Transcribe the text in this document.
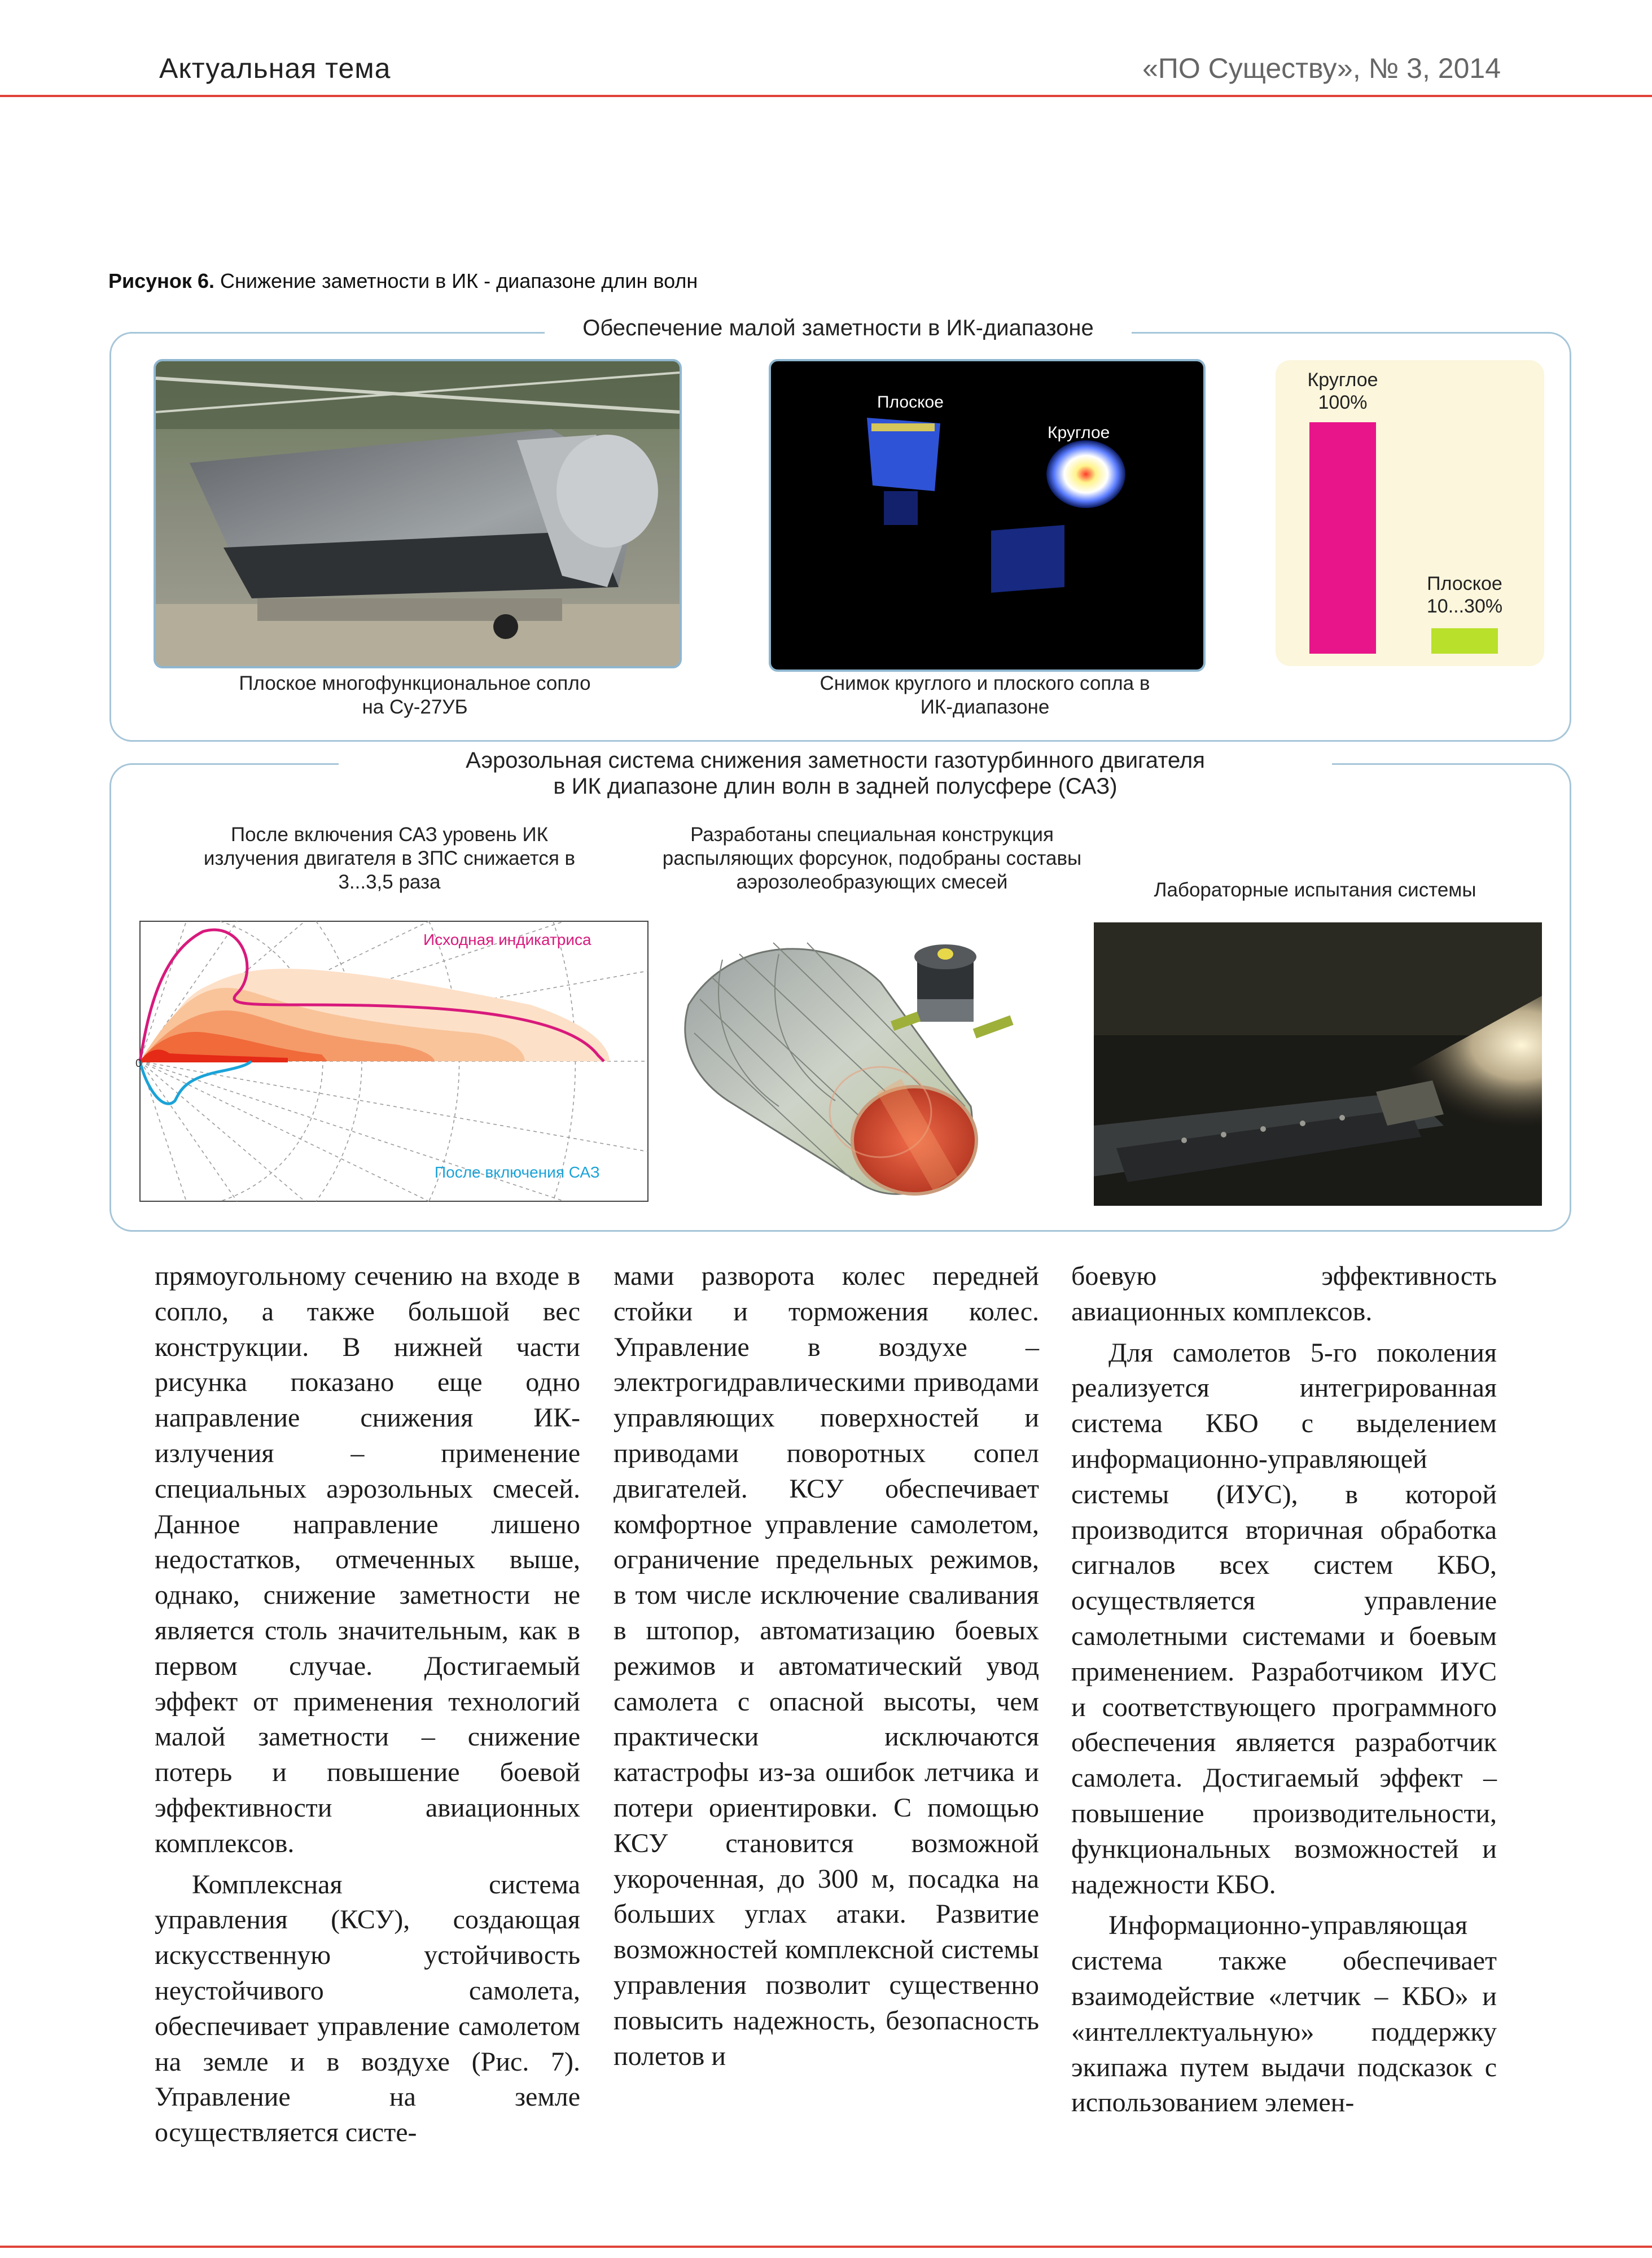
Актуальная тема	«ПО Существу», № 3, 2014
Рисунок 6. Снижение заметности в ИК - диапазоне длин волн
Обеспечение малой заметности в ИК-диапазоне
Плоское многофункциональное сопло на Су-27УБ
Плоское
Круглое
Снимок круглого и плоского сопла в ИК-диапазоне
Круглое
100%
Плоское
10...30%
Аэрозольная система снижения заметности газотурбинного двигателя
в ИК диапазоне длин волн в задней полусфере (САЗ)
После включения САЗ уровень ИК излучения двигателя в ЗПС снижается в 3...3,5 раза
Разработаны специальная конструкция распыляющих форсунок, подобраны составы аэрозолеобразующих смесей	Лабораторные испытания системы
0
Исходная индикатриса
После включения САЗ

прямоугольному сечению на входе в сопло, а также большой вес конструкции. В нижней части рисунка показано еще одно направление снижения ИК-излучения – применение специальных аэрозольных смесей. Данное направление лишено недостатков, отмеченных выше, однако, снижение заметности не является столь значительным, как в первом случае. Достигаемый эффект от применения технологий малой заметности – снижение потерь и повышение боевой эффективности авиационных комплексов.

Комплексная система управления (КСУ), создающая искусственную устойчивость неустойчивого самолета, обеспечивает управление самолетом на земле и в воздухе (Рис. 7). Управление на земле осуществляется систе-

мами разворота колес передней стойки и торможения колес. Управление в воздухе – электрогидравлическими приводами управляющих поверхностей и приводами поворотных сопел двигателей. КСУ обеспечивает комфортное управление самолетом, ограничение предельных режимов, в том числе исключение сваливания в штопор, автоматизацию боевых режимов и автоматический увод самолета с опасной высоты, чем практически исключаются катастрофы из-за ошибок летчика и потери ориентировки. С помощью КСУ становится возможной укороченная, до 300 м, посадка на больших углах атаки. Развитие возможностей комплексной системы управления позволит существенно повысить надежность, безопасность полетов и

боевую эффективность авиационных комплексов.

Для самолетов 5-го поколения реализуется интегрированная система КБО с выделением информационно-управляющей системы (ИУС), в которой производится вторичная обработка сигналов всех систем КБО, осуществляется управление самолетными системами и боевым применением. Разработчиком ИУС и соответствующего программного обеспечения является разработчик самолета. Достигаемый эффект – повышение производительности, функциональных возможностей и надежности КБО.

Информационно-управляющая система также обеспечивает взаимодействие «летчик – КБО» и «интеллектуальную» поддержку экипажа путем выдачи подсказок с использованием элемен-
